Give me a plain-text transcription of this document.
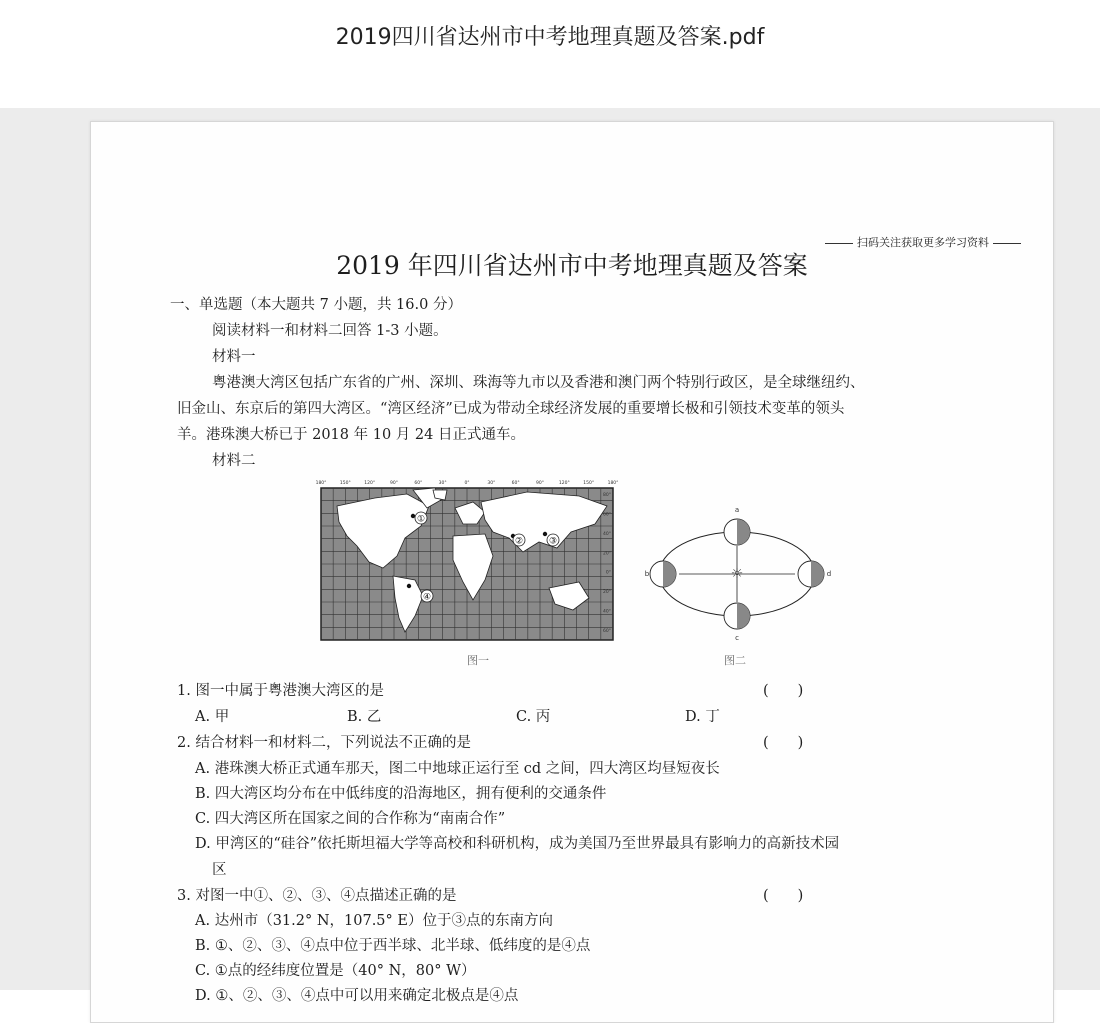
2019四川省达州市中考地理真题及答案.pdf
扫码关注获取更多学习资料
2019 年四川省达州市中考地理真题及答案
一、单选题（本大题共 7 小题，共 16.0 分）
阅读材料一和材料二回答 1-3 小题。
材料一
粤港澳大湾区包括广东省的广州、深圳、珠海等九市以及香港和澳门两个特别行政区，是全球继纽约、
旧金山、东京后的第四大湾区。“湾区经济”已成为带动全球经济发展的重要增长极和引领技术变革的领头
羊。港珠澳大桥已于 2018 年 10 月 24 日正式通车。
材料二
①
②	③
④
180°	150°	120°	90°	60°	30°	0°	30°	60°	90°	120°	150°	180°
80°
60°
40°
20°
0°
20°
40°
60°
图一
☼
a
b
c
d
图二
1. 图一中属于粤港澳大湾区的是	(　　)
A. 甲	B. 乙	C. 丙	D. 丁
2. 结合材料一和材料二，下列说法不正确的是	(　　)
A. 港珠澳大桥正式通车那天，图二中地球正运行至 cd 之间，四大湾区均昼短夜长
B. 四大湾区均分布在中低纬度的沿海地区，拥有便利的交通条件
C. 四大湾区所在国家之间的合作称为“南南合作”
D. 甲湾区的“硅谷”依托斯坦福大学等高校和科研机构，成为美国乃至世界最具有影响力的高新技术园
区
3. 对图一中①、②、③、④点描述正确的是	(　　)
A. 达州市（31.2° N，107.5° E）位于③点的东南方向
B. ①、②、③、④点中位于西半球、北半球、低纬度的是④点
C. ①点的经纬度位置是（40° N，80° W）
D. ①、②、③、④点中可以用来确定北极点是④点
